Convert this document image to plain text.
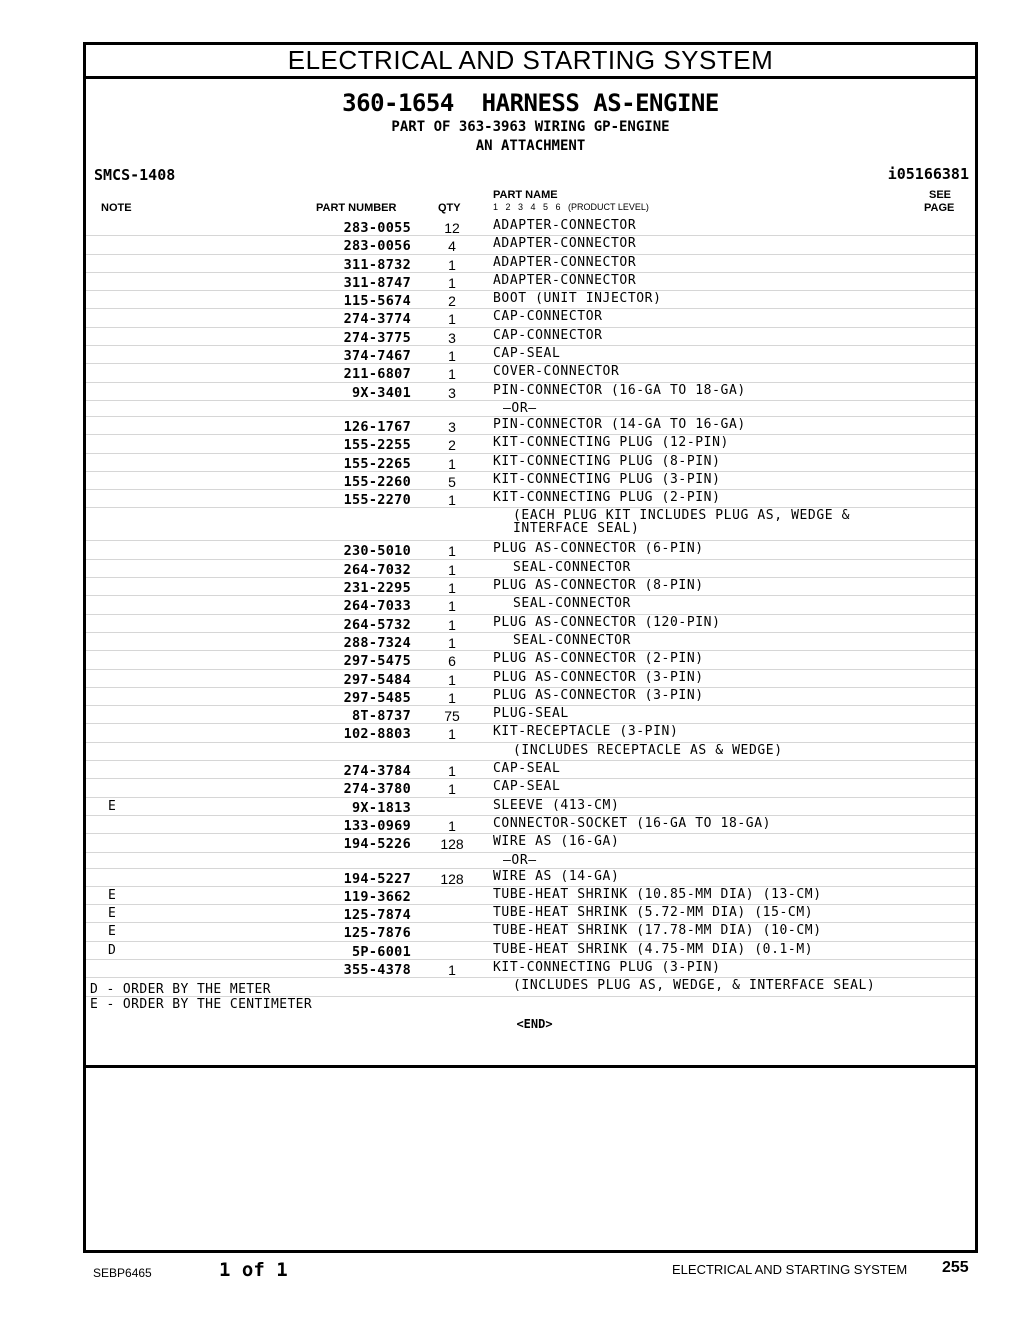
ELECTRICAL AND STARTING SYSTEM
360-1654  HARNESS AS-ENGINE
PART OF 363-3963 WIRING GP-ENGINE
AN ATTACHMENT
SMCS-1408	i05166381
NOTE	PART NUMBER	QTY
PART NAME
1   2   3   4   5   6   (PRODUCT LEVEL)
SEE
PAGE
283-0055	12	ADAPTER-CONNECTOR
283-0056	4	ADAPTER-CONNECTOR
311-8732	1	ADAPTER-CONNECTOR
311-8747	1	ADAPTER-CONNECTOR
115-5674	2	BOOT (UNIT INJECTOR)
274-3774	1	CAP-CONNECTOR
274-3775	3	CAP-CONNECTOR
374-7467	1	CAP-SEAL
211-6807	1	COVER-CONNECTOR
9X-3401	3	PIN-CONNECTOR (16-GA TO 18-GA)
—OR—
126-1767	3	PIN-CONNECTOR (14-GA TO 16-GA)
155-2255	2	KIT-CONNECTING PLUG (12-PIN)
155-2265	1	KIT-CONNECTING PLUG (8-PIN)
155-2260	5	KIT-CONNECTING PLUG (3-PIN)
155-2270	1	KIT-CONNECTING PLUG (2-PIN)
(EACH PLUG KIT INCLUDES PLUG AS, WEDGE &
INTERFACE SEAL)
230-5010	1	PLUG AS-CONNECTOR (6-PIN)
264-7032	1	SEAL-CONNECTOR
231-2295	1	PLUG AS-CONNECTOR (8-PIN)
264-7033	1	SEAL-CONNECTOR
264-5732	1	PLUG AS-CONNECTOR (120-PIN)
288-7324	1	SEAL-CONNECTOR
297-5475	6	PLUG AS-CONNECTOR (2-PIN)
297-5484	1	PLUG AS-CONNECTOR (3-PIN)
297-5485	1	PLUG AS-CONNECTOR (3-PIN)
8T-8737	75	PLUG-SEAL
102-8803	1	KIT-RECEPTACLE (3-PIN)
(INCLUDES RECEPTACLE AS & WEDGE)
274-3784	1	CAP-SEAL
274-3780	1	CAP-SEAL
E	9X-1813	SLEEVE (413-CM)
133-0969	1	CONNECTOR-SOCKET (16-GA TO 18-GA)
194-5226	128	WIRE AS (16-GA)
—OR—
194-5227	128	WIRE AS (14-GA)
E	119-3662	TUBE-HEAT SHRINK (10.85-MM DIA) (13-CM)
E	125-7874	TUBE-HEAT SHRINK (5.72-MM DIA) (15-CM)
E	125-7876	TUBE-HEAT SHRINK (17.78-MM DIA) (10-CM)
D	5P-6001	TUBE-HEAT SHRINK (4.75-MM DIA) (0.1-M)
355-4378	1	KIT-CONNECTING PLUG (3-PIN)
(INCLUDES PLUG AS, WEDGE, & INTERFACE SEAL)
D - ORDER BY THE METER
E - ORDER BY THE CENTIMETER
<END>
SEBP6465	1 of 1	ELECTRICAL AND STARTING SYSTEM 255
